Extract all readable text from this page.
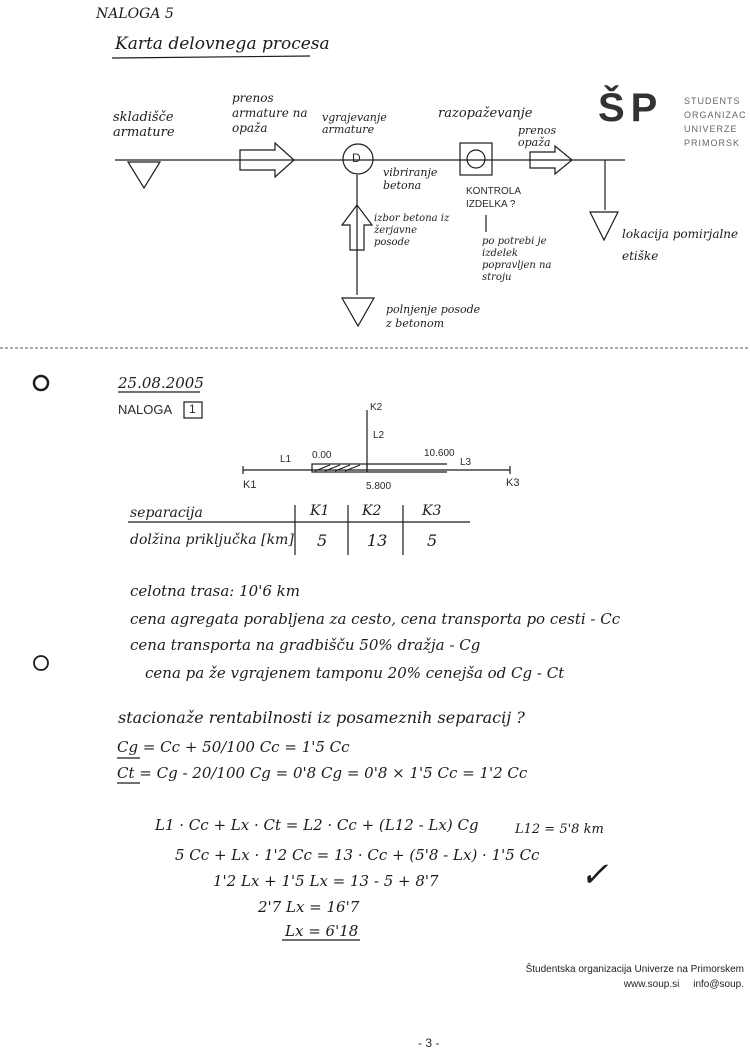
NALOGA 5
Karta delovnega procesa
skladišče armature
prenos armature na opaža
vgrajevanje armature
D
vibriranje betona
razopaževanje
prenos opaža
KONTROLA IZDELKA ?
po potrebi je izdelek popravljen na stroju
izbor betona iz žerjavne posode
polnjenje posode z betonom
lokacija pomirjalne etiške
ŠP STUDENTS
ORGANIZAC
UNIVERZE
PRIMORSK
25.08.2005
NALOGA 1	K2
L2
L1 0.00	10.600
L3
K1	5.800	K3
separacija	K1 K2	K3
dolžina priključka [km] 5 13 5
celotna trasa: 10'6 km
cena agregata porabljena za cesto, cena transporta po cesti - Cc
cena transporta na gradbišču 50% dražja - Cg
cena pa že vgrajenem tamponu 20% cenejša od Cg - Ct
stacionaže rentabilnosti iz posameznih separacij ?
Cg = Cc + 50/100 Cc = 1'5 Cc
Ct = Cg - 20/100 Cg = 0'8 Cg = 0'8 × 1'5 Cc = 1'2 Cc
L1 · Cc + Lx · Ct = L2 · Cc + (L12 - Lx) Cg	L12 = 5'8 km
5 Cc + Lx · 1'2 Cc = 13 · Cc + (5'8 - Lx) · 1'5 Cc
1'2 Lx + 1'5 Lx = 13 - 5 + 8'7
2'7 Lx = 16'7
Lx = 6'18
✓
Študentska organizacija Univerze na Primorskem
www.soup.si info@soup.
- 3 -
